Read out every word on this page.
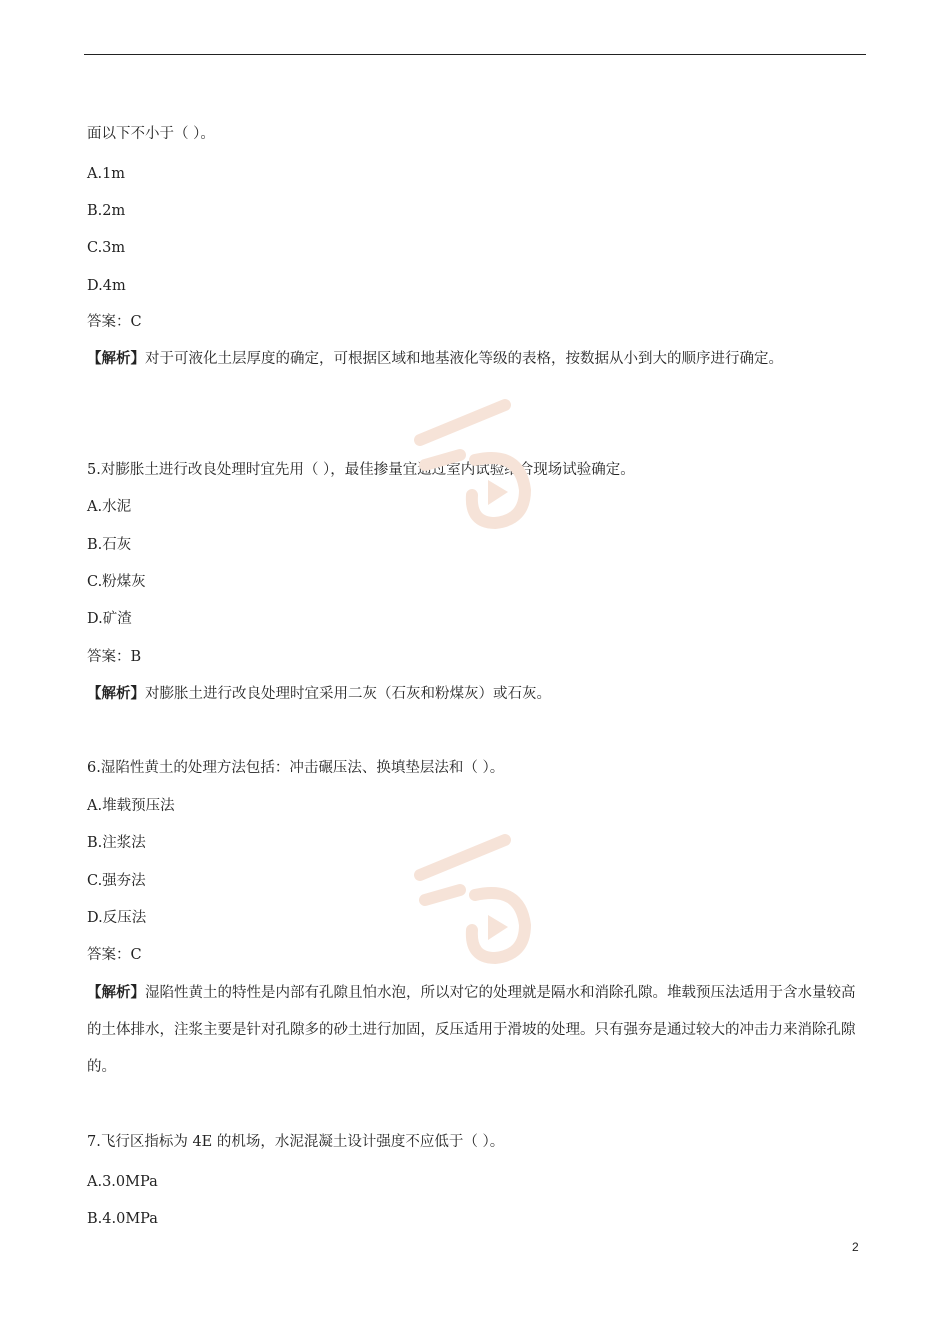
面以下不小于（ ）。
A.1m
B.2m
C.3m
D.4m
答案：C
【解析】对于可液化土层厚度的确定，可根据区域和地基液化等级的表格，按数据从小到大的顺序进行确定。
5.对膨胀土进行改良处理时宜先用（ ），最佳掺量宜通过室内试验结合现场试验确定。
A.水泥
B.石灰
C.粉煤灰
D.矿渣
答案：B
【解析】对膨胀土进行改良处理时宜采用二灰（石灰和粉煤灰）或石灰。
6.湿陷性黄土的处理方法包括：冲击碾压法、换填垫层法和（ ）。
A.堆载预压法
B.注浆法
C.强夯法
D.反压法
答案：C
【解析】湿陷性黄土的特性是内部有孔隙且怕水泡，所以对它的处理就是隔水和消除孔隙。堆载预压法适用于含水量较高的土体排水，注浆主要是针对孔隙多的砂土进行加固，反压适用于滑坡的处理。只有强夯是通过较大的冲击力来消除孔隙的。
7.飞行区指标为 4E 的机场，水泥混凝土设计强度不应低于（ ）。
A.3.0MPa
B.4.0MPa
2
